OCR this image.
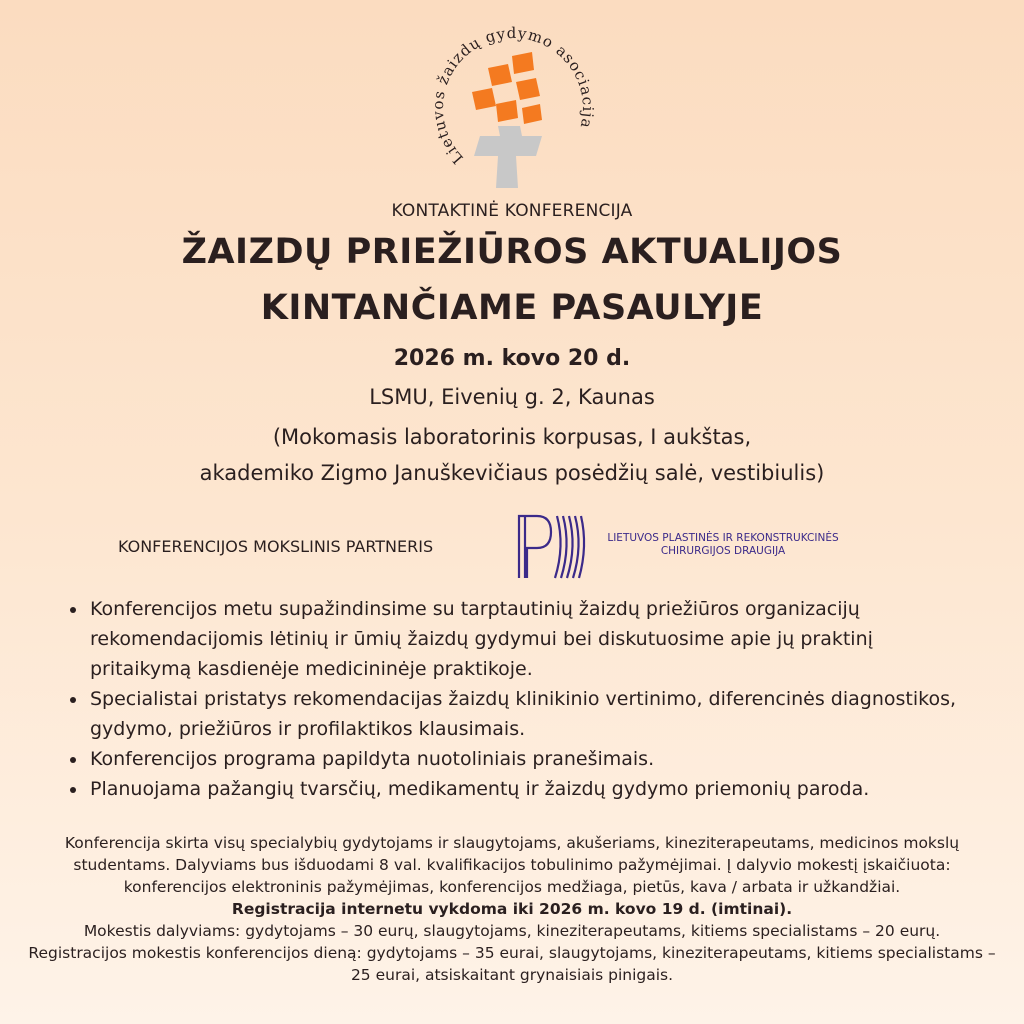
Lietuvos žaizdų gydymo asociacija
KONTAKTINĖ KONFERENCIJA
ŽAIZDŲ PRIEŽIŪROS AKTUALIJOS
KINTANČIAME PASAULYJE
2026 m. kovo 20 d.
LSMU, Eivenių g. 2, Kaunas
(Mokomasis laboratorinis korpusas, I aukštas,
akademiko Zigmo Januškevičiaus posėdžių salė, vestibiulis)
KONFERENCIJOS MOKSLINIS PARTNERIS	LIETUVOS PLASTINĖS IR REKONSTRUKCINĖS
CHIRURGIJOS DRAUGIJA
• Konferencijos metu supažindinsime su tarptautinių žaizdų priežiūros organizacijų rekomendacijomis lėtinių ir ūmių žaizdų gydymui bei diskutuosime apie jų praktinį pritaikymą kasdienėje medicininėje praktikoje.
• Specialistai pristatys rekomendacijas žaizdų klinikinio vertinimo, diferencinės diagnostikos, gydymo, priežiūros ir profilaktikos klausimais.
• Konferencijos programa papildyta nuotoliniais pranešimais.
• Planuojama pažangių tvarsčių, medikamentų ir žaizdų gydymo priemonių paroda.

Konferencija skirta visų specialybių gydytojams ir slaugytojams, akušeriams, kineziterapeutams, medicinos mokslų studentams. Dalyviams bus išduodami 8 val. kvalifikacijos tobulinimo pažymėjimai. Į dalyvio mokestį įskaičiuota: konferencijos elektroninis pažymėjimas, konferencijos medžiaga, pietūs, kava / arbata ir užkandžiai.

Registracija internetu vykdoma iki 2026 m. kovo 19 d. (imtinai).

Mokestis dalyviams: gydytojams – 30 eurų, slaugytojams, kineziterapeutams, kitiems specialistams – 20 eurų.

Registracijos mokestis konferencijos dieną: gydytojams – 35 eurai, slaugytojams, kineziterapeutams, kitiems specialistams – 25 eurai, atsiskaitant grynaisiais pinigais.
